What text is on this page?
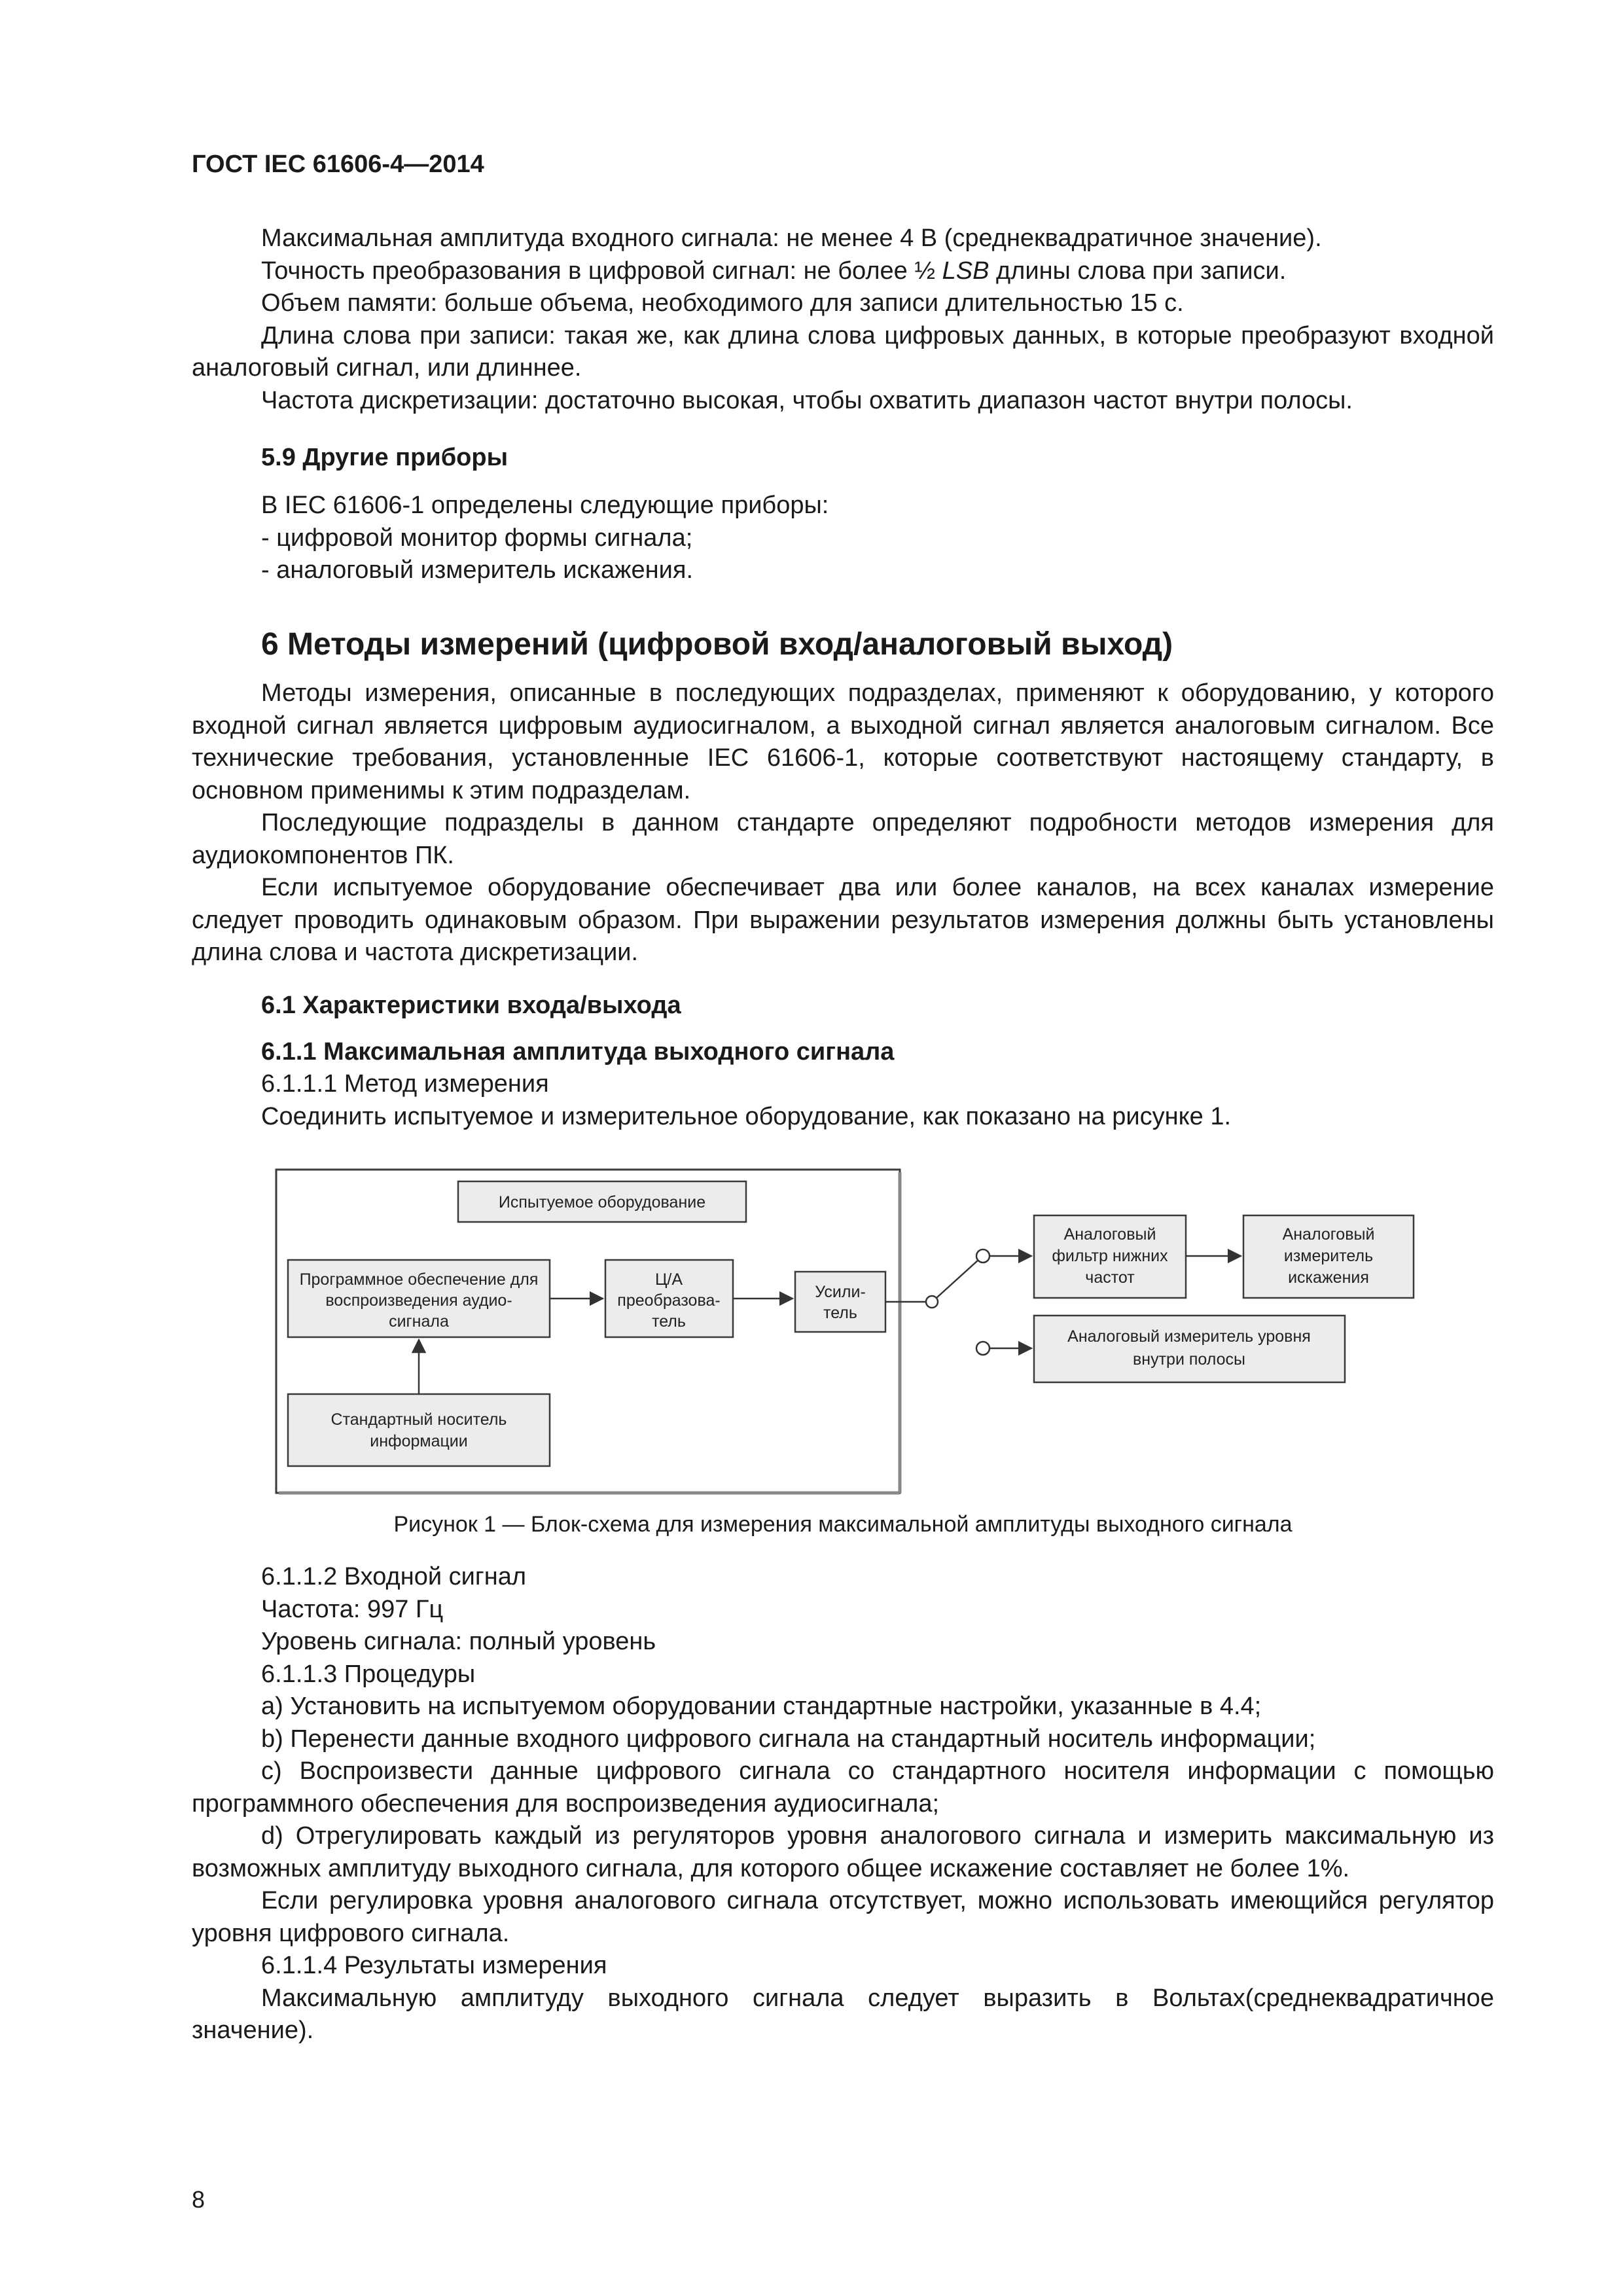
ГОСТ IEC 61606-4—2014

Максимальная амплитуда входного сигнала: не менее 4 В (среднеквадратичное значение).

Точность преобразования в цифровой сигнал: не более ½ LSB длины слова при записи.

Объем памяти: больше объема, необходимого для записи длительностью 15 с.

Длина слова при записи: такая же, как длина слова цифровых данных, в которые преобразуют входной аналоговый сигнал, или длиннее.

Частота дискретизации: достаточно высокая, чтобы охватить диапазон частот внутри полосы.

5.9 Другие приборы

В IEC 61606-1 определены следующие приборы:

- цифровой монитор формы сигнала;

- аналоговый измеритель искажения.

6 Методы измерений (цифровой вход/аналоговый выход)

Методы измерения, описанные в последующих подразделах, применяют к оборудованию, у которого входной сигнал является цифровым аудиосигналом, а выходной сигнал является аналоговым сигналом. Все технические требования, установленные IEC 61606-1, которые соответствуют настоящему стандарту, в основном применимы к этим подразделам.

Последующие подразделы в данном стандарте определяют подробности методов измерения для аудиокомпонентов ПК.

Если испытуемое оборудование обеспечивает два или более каналов, на всех каналах измерение следует проводить одинаковым образом. При выражении результатов измерения должны быть установлены длина слова и частота дискретизации.

6.1 Характеристики входа/выхода

6.1.1 Максимальная амплитуда выходного сигнала

6.1.1.1 Метод измерения

Соединить испытуемое и измерительное оборудование, как показано на рисунке 1.

Испытуемое оборудование
Программное обеспечение для
воспроизведения аудио-
сигнала
Ц/А
преобразова-
тель
Усили-
тель
Стандартный носитель
информации
Аналоговый
фильтр нижних
частот
Аналоговый
измеритель
искажения
Аналоговый измеритель уровня
внутри полосы
Рисунок 1 — Блок-схема для измерения максимальной амплитуды выходного сигнала

6.1.1.2 Входной сигнал

Частота: 997 Гц

Уровень сигнала: полный уровень

6.1.1.3 Процедуры

a) Установить на испытуемом оборудовании стандартные настройки, указанные в 4.4;

b) Перенести данные входного цифрового сигнала на стандартный носитель информации;

c) Воспроизвести данные цифрового сигнала со стандартного носителя информации с помощью программного обеспечения для воспроизведения аудиосигнала;

d) Отрегулировать каждый из регуляторов уровня аналогового сигнала и измерить максимальную из возможных амплитуду выходного сигнала, для которого общее искажение составляет не более 1%.

Если регулировка уровня аналогового сигнала отсутствует, можно использовать имеющийся регулятор уровня цифрового сигнала.

6.1.1.4 Результаты измерения

Максимальную амплитуду выходного сигнала следует выразить в Вольтах(среднеквадратичное значение).

8
